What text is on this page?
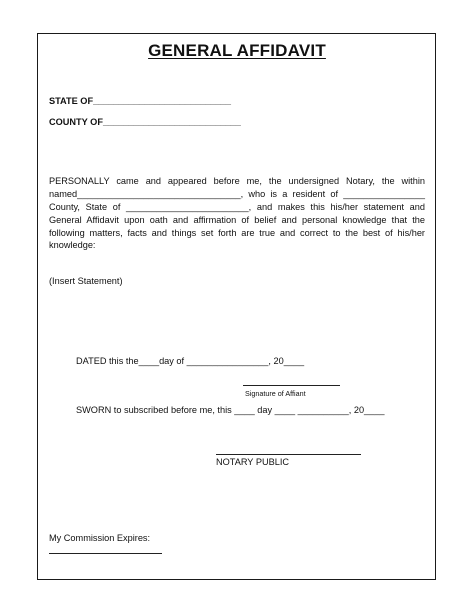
GENERAL AFFIDAVIT
STATE OF___________________________
COUNTY OF___________________________
PERSONALLY came and appeared before me, the undersigned Notary, the within
named________________________________, who is a resident of ________________
County, State of ________________________, and makes this his/her statement and
General Affidavit upon oath and affirmation of belief and personal knowledge that the
following matters, facts and things set forth are true and correct to the best of his/her
knowledge:
(Insert Statement)
DATED this the____day of ________________, 20____
Signature of Affiant
SWORN to subscribed before me, this ____ day ____ __________, 20____
NOTARY PUBLIC
My Commission Expires:
